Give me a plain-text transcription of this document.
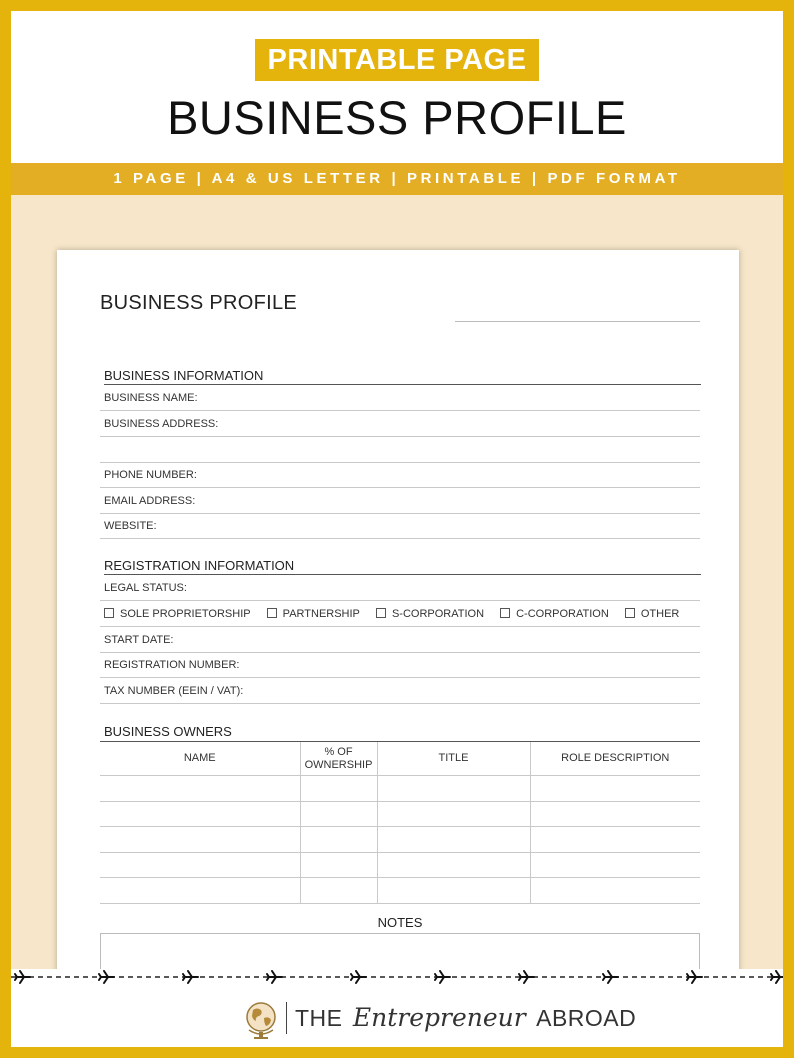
PRINTABLE PAGE
BUSINESS PROFILE
1 PAGE | A4 & US LETTER | PRINTABLE | PDF FORMAT
BUSINESS PROFILE
BUSINESS INFORMATION
BUSINESS NAME:
BUSINESS ADDRESS:
PHONE NUMBER:
EMAIL ADDRESS:
WEBSITE:
REGISTRATION INFORMATION
LEGAL STATUS:
SOLE PROPRIETORSHIP	PARTNERSHIP	S-CORPORATION	C-CORPORATION	OTHER
START DATE:
REGISTRATION NUMBER:
TAX NUMBER (EEIN / VAT):
BUSINESS OWNERS
NAME	% OF OWNERSHIP	TITLE	ROLE DESCRIPTION

NOTES
THE Entrepreneur ABROAD
